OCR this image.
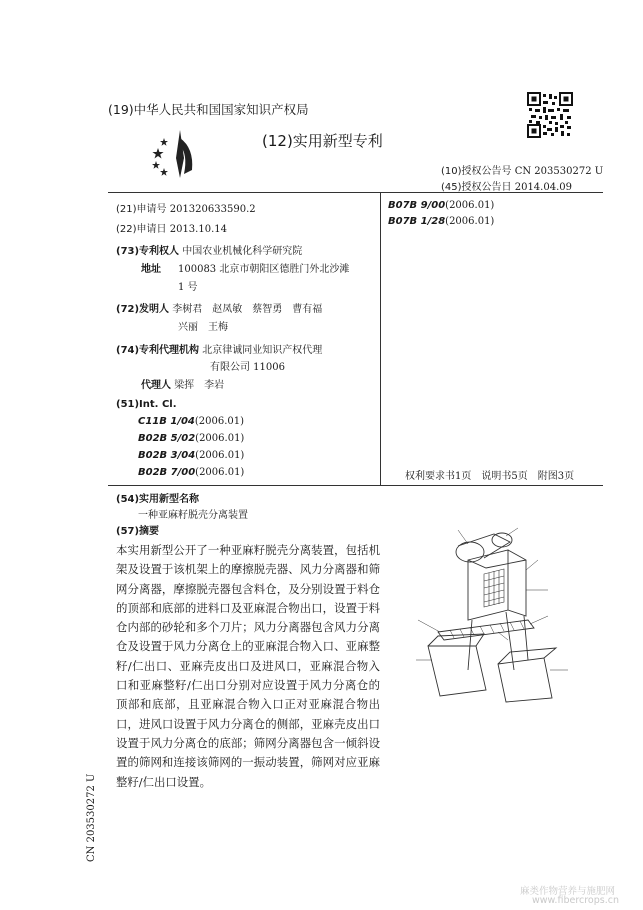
(19)中华人民共和国国家知识产权局
(12)实用新型专利
(10)授权公告号 CN 203530272 U
(45)授权公告日 2014.04.09
(21)申请号 201320633590.2
(22)申请日 2013.10.14
(73)专利权人 中国农业机械化科学研究院
地址 100083 北京市朝阳区德胜门外北沙滩
1 号
(72)发明人 李树君　赵凤敏　蔡智勇　曹有福
兴丽　王梅
(74)专利代理机构 北京律诚同业知识产权代理
有限公司 11006
代理人 梁挥　李岩
(51)Int. Cl.
C11B 1/04(2006.01)
B02B 5/02(2006.01)
B02B 3/04(2006.01)
B02B 7/00(2006.01)
B07B 9/00(2006.01)
B07B 1/28(2006.01)
权利要求书1页　说明书5页　附图3页
(54)实用新型名称
一种亚麻籽脱壳分离装置
(57)摘要
本实用新型公开了一种亚麻籽脱壳分离装置，包括机架及设置于该机架上的摩擦脱壳器、风力分离器和筛网分离器，摩擦脱壳器包含料仓，及分别设置于料仓的顶部和底部的进料口及亚麻混合物出口，设置于料仓内部的砂轮和多个刀片；风力分离器包含风力分离仓及设置于风力分离仓上的亚麻混合物入口、亚麻整籽/仁出口、亚麻壳皮出口及进风口，亚麻混合物入口和亚麻整籽/仁出口分别对应设置于风力分离仓的顶部和底部，且亚麻混合物入口正对亚麻混合物出口，进风口设置于风力分离仓的侧部，亚麻壳皮出口设置于风力分离仓的底部；筛网分离器包含一倾斜设置的筛网和连接该筛网的一振动装置，筛网对应亚麻整籽/仁出口设置。
CN 203530272 U
麻类作物营养与施肥网
www.fibercrops.cn
